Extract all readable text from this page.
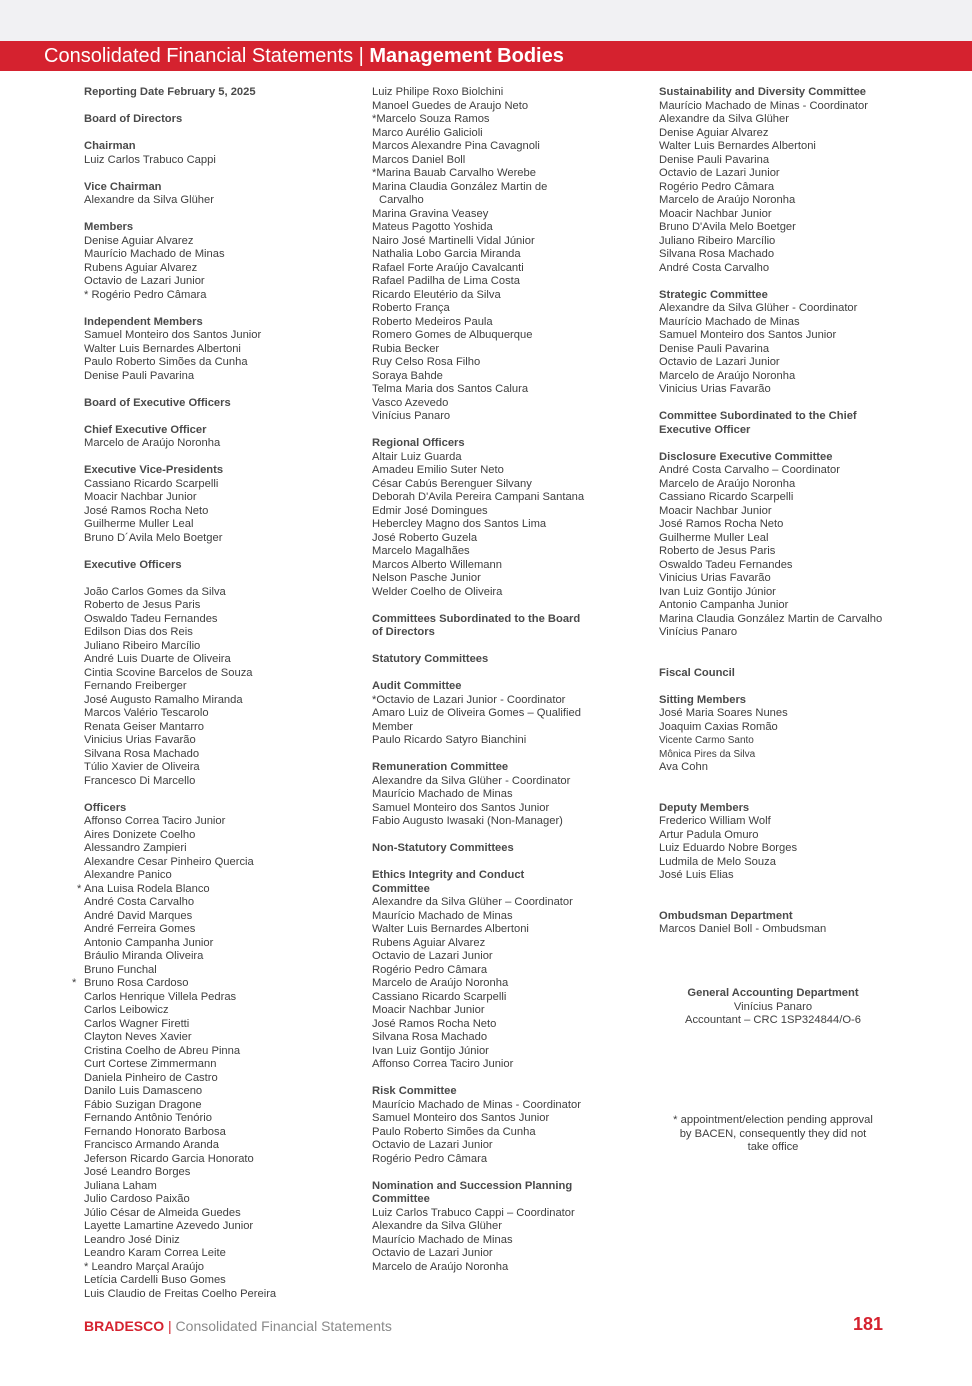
Consolidated Financial Statements | Management Bodies
Reporting Date February 5, 2025
Board of Directors
Chairman
Luiz Carlos Trabuco Cappi
Vice Chairman
Alexandre da Silva Glüher
Members
Denise Aguiar Alvarez
Maurício Machado de Minas
Rubens Aguiar Alvarez
Octavio de Lazari Junior
* Rogério Pedro Câmara
Independent Members
Samuel Monteiro dos Santos Junior
Walter Luis Bernardes Albertoni
Paulo Roberto Simões da Cunha
Denise Pauli Pavarina
Board of Executive Officers
Chief Executive Officer
Marcelo de Araújo Noronha
Executive Vice-Presidents
Cassiano Ricardo Scarpelli
Moacir Nachbar Junior
José Ramos Rocha Neto
Guilherme Muller Leal
Bruno D´Avila Melo Boetger
Executive Officers
João Carlos Gomes da Silva
Roberto de Jesus Paris
Oswaldo Tadeu Fernandes
Edilson Dias dos Reis
Juliano Ribeiro Marcílio
André Luis Duarte de Oliveira
Cintia Scovine Barcelos de Souza
Fernando Freiberger
José Augusto Ramalho Miranda
Marcos Valério Tescarolo
Renata Geiser Mantarro
Vinicius Urias Favarão
Silvana Rosa Machado
Túlio Xavier de Oliveira
Francesco Di Marcello
Officers
Affonso Correa Taciro Junior
Aires Donizete Coelho
Alessandro Zampieri
Alexandre Cesar Pinheiro Quercia
Alexandre Panico
* Ana Luisa Rodela Blanco
André Costa Carvalho
André David Marques
André Ferreira Gomes
Antonio Campanha Junior
Bráulio Miranda Oliveira
Bruno Funchal
* Bruno Rosa Cardoso
Carlos Henrique Villela Pedras
Carlos Leibowicz
Carlos Wagner Firetti
Clayton Neves Xavier
Cristina Coelho de Abreu Pinna
Curt Cortese Zimmermann
Daniela Pinheiro de Castro
Danilo Luis Damasceno
Fábio Suzigan Dragone
Fernando Antônio Tenório
Fernando Honorato Barbosa
Francisco Armando Aranda
Jeferson Ricardo Garcia Honorato
José Leandro Borges
Juliana Laham
Julio Cardoso Paixão
Júlio César de Almeida Guedes
Layette Lamartine Azevedo Junior
Leandro José Diniz
Leandro Karam Correa Leite
* Leandro Marçal Araújo
Letícia Cardelli Buso Gomes
Luis Claudio de Freitas Coelho Pereira
Luiz Philipe Roxo Biolchini
Manoel Guedes de Araujo Neto
*Marcelo Souza Ramos
Marco Aurélio Galicioli
Marcos Alexandre Pina Cavagnoli
Marcos Daniel Boll
*Marina Bauab Carvalho Werebe
Marina Claudia González Martin de
Carvalho
Marina Gravina Veasey
Mateus Pagotto Yoshida
Nairo José Martinelli Vidal Júnior
Nathalia Lobo Garcia Miranda
Rafael Forte Araújo Cavalcanti
Rafael Padilha de Lima Costa
Ricardo Eleutério da Silva
Roberto França
Roberto Medeiros Paula
Romero Gomes de Albuquerque
Rubia Becker
Ruy Celso Rosa Filho
Soraya Bahde
Telma Maria dos Santos Calura
Vasco Azevedo
Vinícius Panaro
Regional Officers
Altair Luiz Guarda
Amadeu Emilio Suter Neto
César Cabús Berenguer Silvany
Deborah D'Avila Pereira Campani Santana
Edmir José Domingues
Hebercley Magno dos Santos Lima
José Roberto Guzela
Marcelo Magalhães
Marcos Alberto Willemann
Nelson Pasche Junior
Welder Coelho de Oliveira
Committees Subordinated to the Board
of Directors
Statutory Committees
Audit Committee
*Octavio de Lazari Junior - Coordinator
Amaro Luiz de Oliveira Gomes – Qualified
Member
Paulo Ricardo Satyro Bianchini
Remuneration Committee
Alexandre da Silva Glüher - Coordinator
Maurício Machado de Minas
Samuel Monteiro dos Santos Junior
Fabio Augusto Iwasaki (Non-Manager)
Non-Statutory Committees
Ethics Integrity and Conduct
Committee
Alexandre da Silva Glüher – Coordinator
Maurício Machado de Minas
Walter Luis Bernardes Albertoni
Rubens Aguiar Alvarez
Octavio de Lazari Junior
Rogério Pedro Câmara
Marcelo de Araújo Noronha
Cassiano Ricardo Scarpelli
Moacir Nachbar Junior
José Ramos Rocha Neto
Silvana Rosa Machado
Ivan Luiz Gontijo Júnior
Affonso Correa Taciro Junior
Risk Committee
Maurício Machado de Minas - Coordinator
Samuel Monteiro dos Santos Junior
Paulo Roberto Simões da Cunha
Octavio de Lazari Junior
Rogério Pedro Câmara
Nomination and Succession Planning
Committee
Luiz Carlos Trabuco Cappi – Coordinator
Alexandre da Silva Glüher
Maurício Machado de Minas
Octavio de Lazari Junior
Marcelo de Araújo Noronha
Sustainability and Diversity Committee
Maurício Machado de Minas - Coordinator
Alexandre da Silva Glüher
Denise Aguiar Alvarez
Walter Luis Bernardes Albertoni
Denise Pauli Pavarina
Octavio de Lazari Junior
Rogério Pedro Câmara
Marcelo de Araújo Noronha
Moacir Nachbar Junior
Bruno D'Avila Melo Boetger
Juliano Ribeiro Marcílio
Silvana Rosa Machado
André Costa Carvalho
Strategic Committee
Alexandre da Silva Glüher - Coordinator
Maurício Machado de Minas
Samuel Monteiro dos Santos Junior
Denise Pauli Pavarina
Octavio de Lazari Junior
Marcelo de Araújo Noronha
Vinicius Urias Favarão
Committee Subordinated to the Chief
Executive Officer
Disclosure Executive Committee
André Costa Carvalho – Coordinator
Marcelo de Araújo Noronha
Cassiano Ricardo Scarpelli
Moacir Nachbar Junior
José Ramos Rocha Neto
Guilherme Muller Leal
Roberto de Jesus Paris
Oswaldo Tadeu Fernandes
Vinicius Urias Favarão
Ivan Luiz Gontijo Júnior
Antonio Campanha Junior
Marina Claudia González Martin de Carvalho
Vinícius Panaro
Fiscal Council
Sitting Members
José Maria Soares Nunes
Joaquim Caxias Romão
Vicente Carmo Santo
Mônica Pires da Silva
Ava Cohn
Deputy Members
Frederico William Wolf
Artur Padula Omuro
Luiz Eduardo Nobre Borges
Ludmila de Melo Souza
José Luis Elias
Ombudsman Department
Marcos Daniel Boll - Ombudsman
General Accounting Department
Vinícius Panaro
Accountant – CRC 1SP324844/O-6
* appointment/election pending approval
by BACEN, consequently they did not
take office
BRADESCO | Consolidated Financial Statements	181
